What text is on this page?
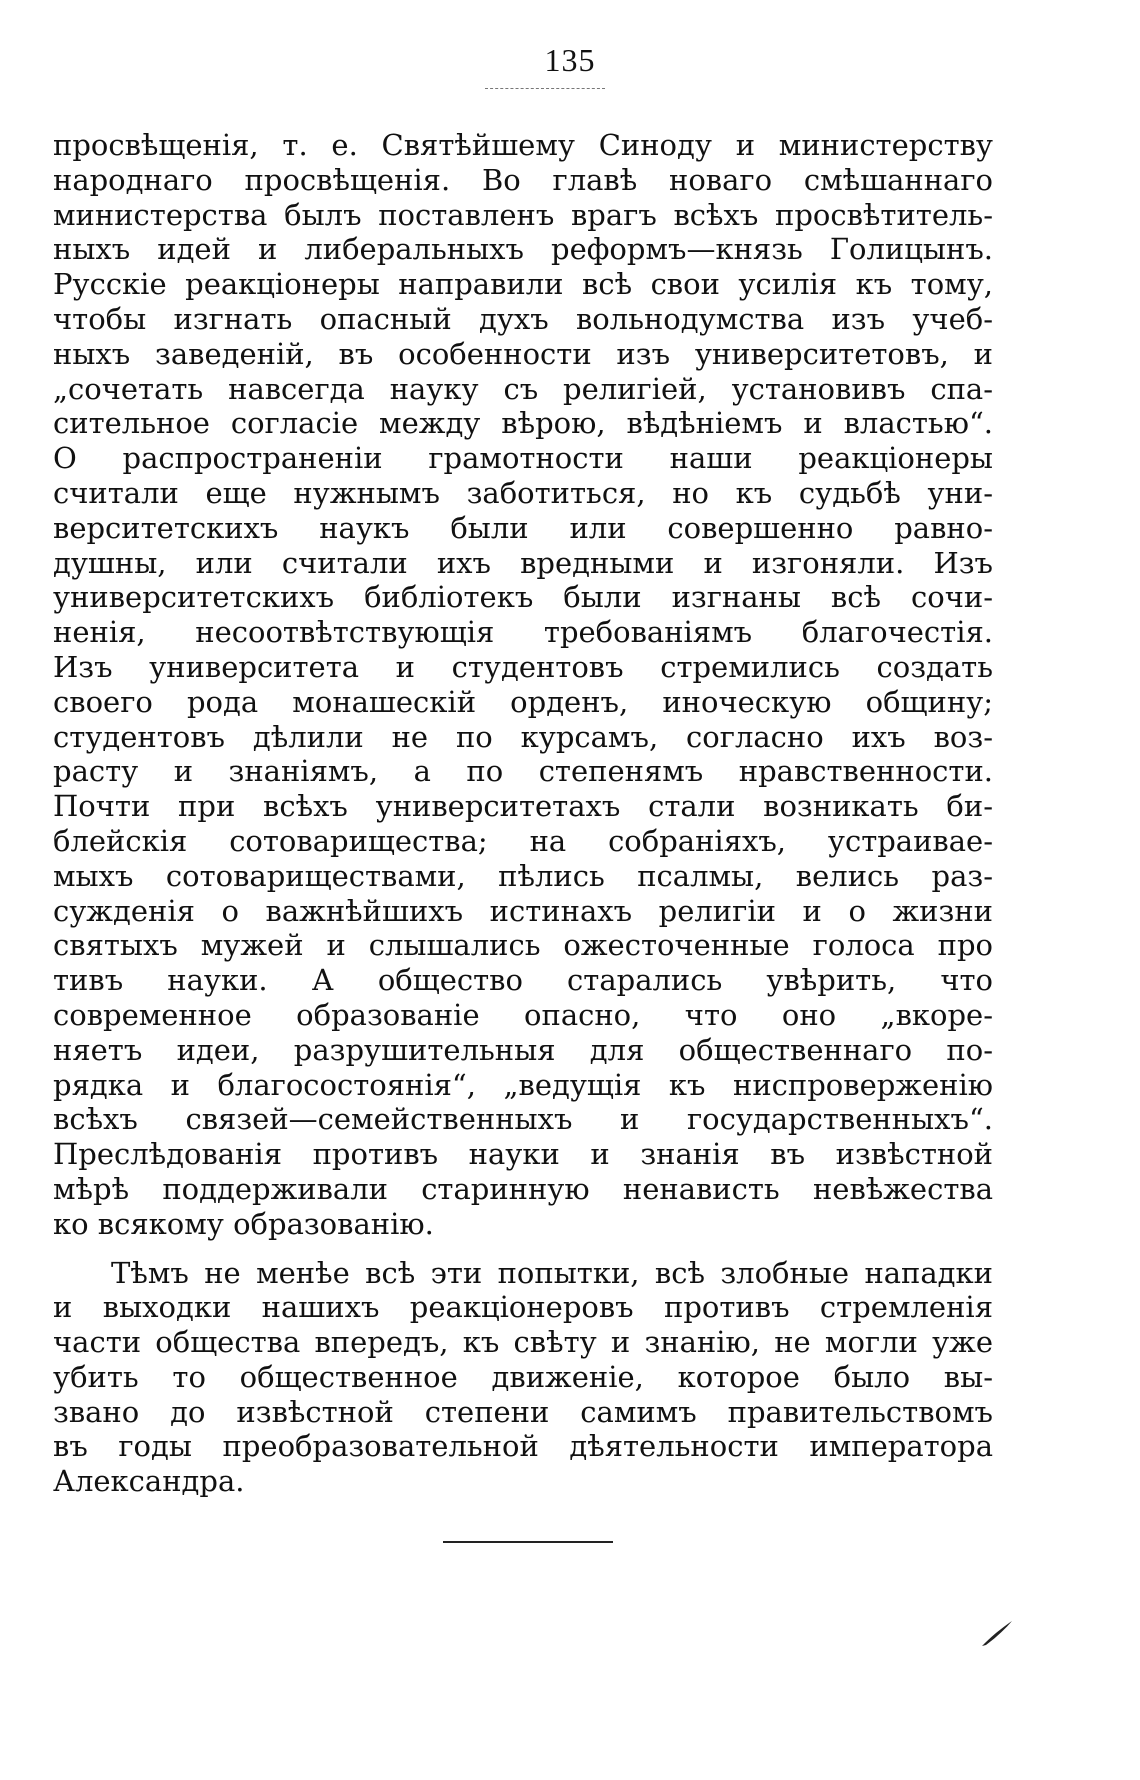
135
просвѣщенія, т. е. Святѣйшему Синоду и министерству
народнаго просвѣщенія. Во главѣ новаго смѣшаннаго
министерства былъ поставленъ врагъ всѣхъ просвѣтитель-
ныхъ идей и либеральныхъ реформъ—князь Голицынъ.
Русскіе реакціонеры направили всѣ свои усилія къ тому,
чтобы изгнать опасный духъ вольнодумства изъ учеб-
ныхъ заведеній, въ особенности изъ университетовъ, и
„сочетать навсегда науку съ религіей, установивъ спа-
сительное согласіе между вѣрою, вѣдѣніемъ и властью“.
О распространеніи грамотности наши реакціонеры
считали еще нужнымъ заботиться, но къ судьбѣ уни-
верситетскихъ наукъ были или совершенно равно-
душны, или считали ихъ вредными и изгоняли. Изъ
университетскихъ библіотекъ были изгнаны всѣ сочи-
ненія, несоотвѣтствующія требованіямъ благочестія.
Изъ университета и студентовъ стремились создать
своего рода монашескій орденъ, иноческую общину;
студентовъ дѣлили не по курсамъ, согласно ихъ воз-
расту и знаніямъ, а по степенямъ нравственности.
Почти при всѣхъ университетахъ стали возникать би-
блейскія сотоварищества; на собраніяхъ, устраивае-
мыхъ сотовариществами, пѣлись псалмы, велись раз-
сужденія о важнѣйшихъ истинахъ религіи и о жизни
святыхъ мужей и слышались ожесточенные голоса про
тивъ науки. А общество старались увѣрить, что
современное образованіе опасно, что оно „вкоре-
няетъ идеи, разрушительныя для общественнаго по-
рядка и благосостоянія“, „ведущія къ ниспроверженію
всѣхъ связей—семейственныхъ и государственныхъ“.
Преслѣдованія противъ науки и знанія въ извѣстной
мѣрѣ поддерживали старинную ненависть невѣжества
ко всякому образованію.
Тѣмъ не менѣе всѣ эти попытки, всѣ злобные нападки
и выходки нашихъ реакціонеровъ противъ стремленія
части общества впередъ, къ свѣту и знанію, не могли уже
убить то общественное движеніе, которое было вы-
звано до извѣстной степени самимъ правительствомъ
въ годы преобразовательной дѣятельности императора
Александра.
